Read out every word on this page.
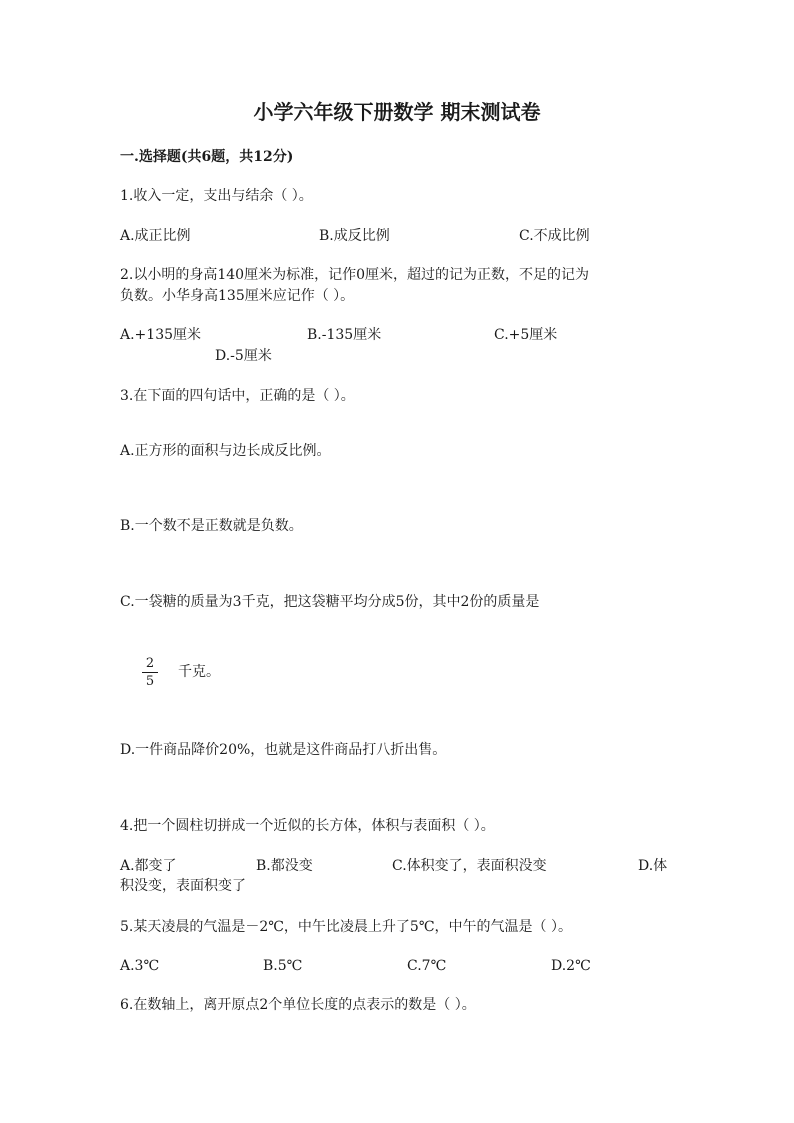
小学六年级下册数学 期末测试卷
一.选择题(共6题，共12分)
1.收入一定，支出与结余（ ）。
A.成正比例	B.成反比例	C.不成比例
2.以小明的身高140厘米为标准，记作0厘米，超过的记为正数，不足的记为
负数。小华身高135厘米应记作（ ）。
A.+135厘米	B.-135厘米	C.+5厘米
D.-5厘米
3.在下面的四句话中，正确的是（ ）。
A.正方形的面积与边长成反比例。
B.一个数不是正数就是负数。
C.一袋糖的质量为3千克，把这袋糖平均分成5份，其中2份的质量是
2
5
千克。
D.一件商品降价20%，也就是这件商品打八折出售。
4.把一个圆柱切拼成一个近似的长方体，体积与表面积（ ）。
A.都变了	B.都没变	C.体积变了，表面积没变	D.体
积没变，表面积变了
5.某天凌晨的气温是－2℃，中午比凌晨上升了5℃，中午的气温是（ ）。
A.3℃	B.5℃	C.7℃	D.2℃
6.在数轴上，离开原点2个单位长度的点表示的数是（ ）。
